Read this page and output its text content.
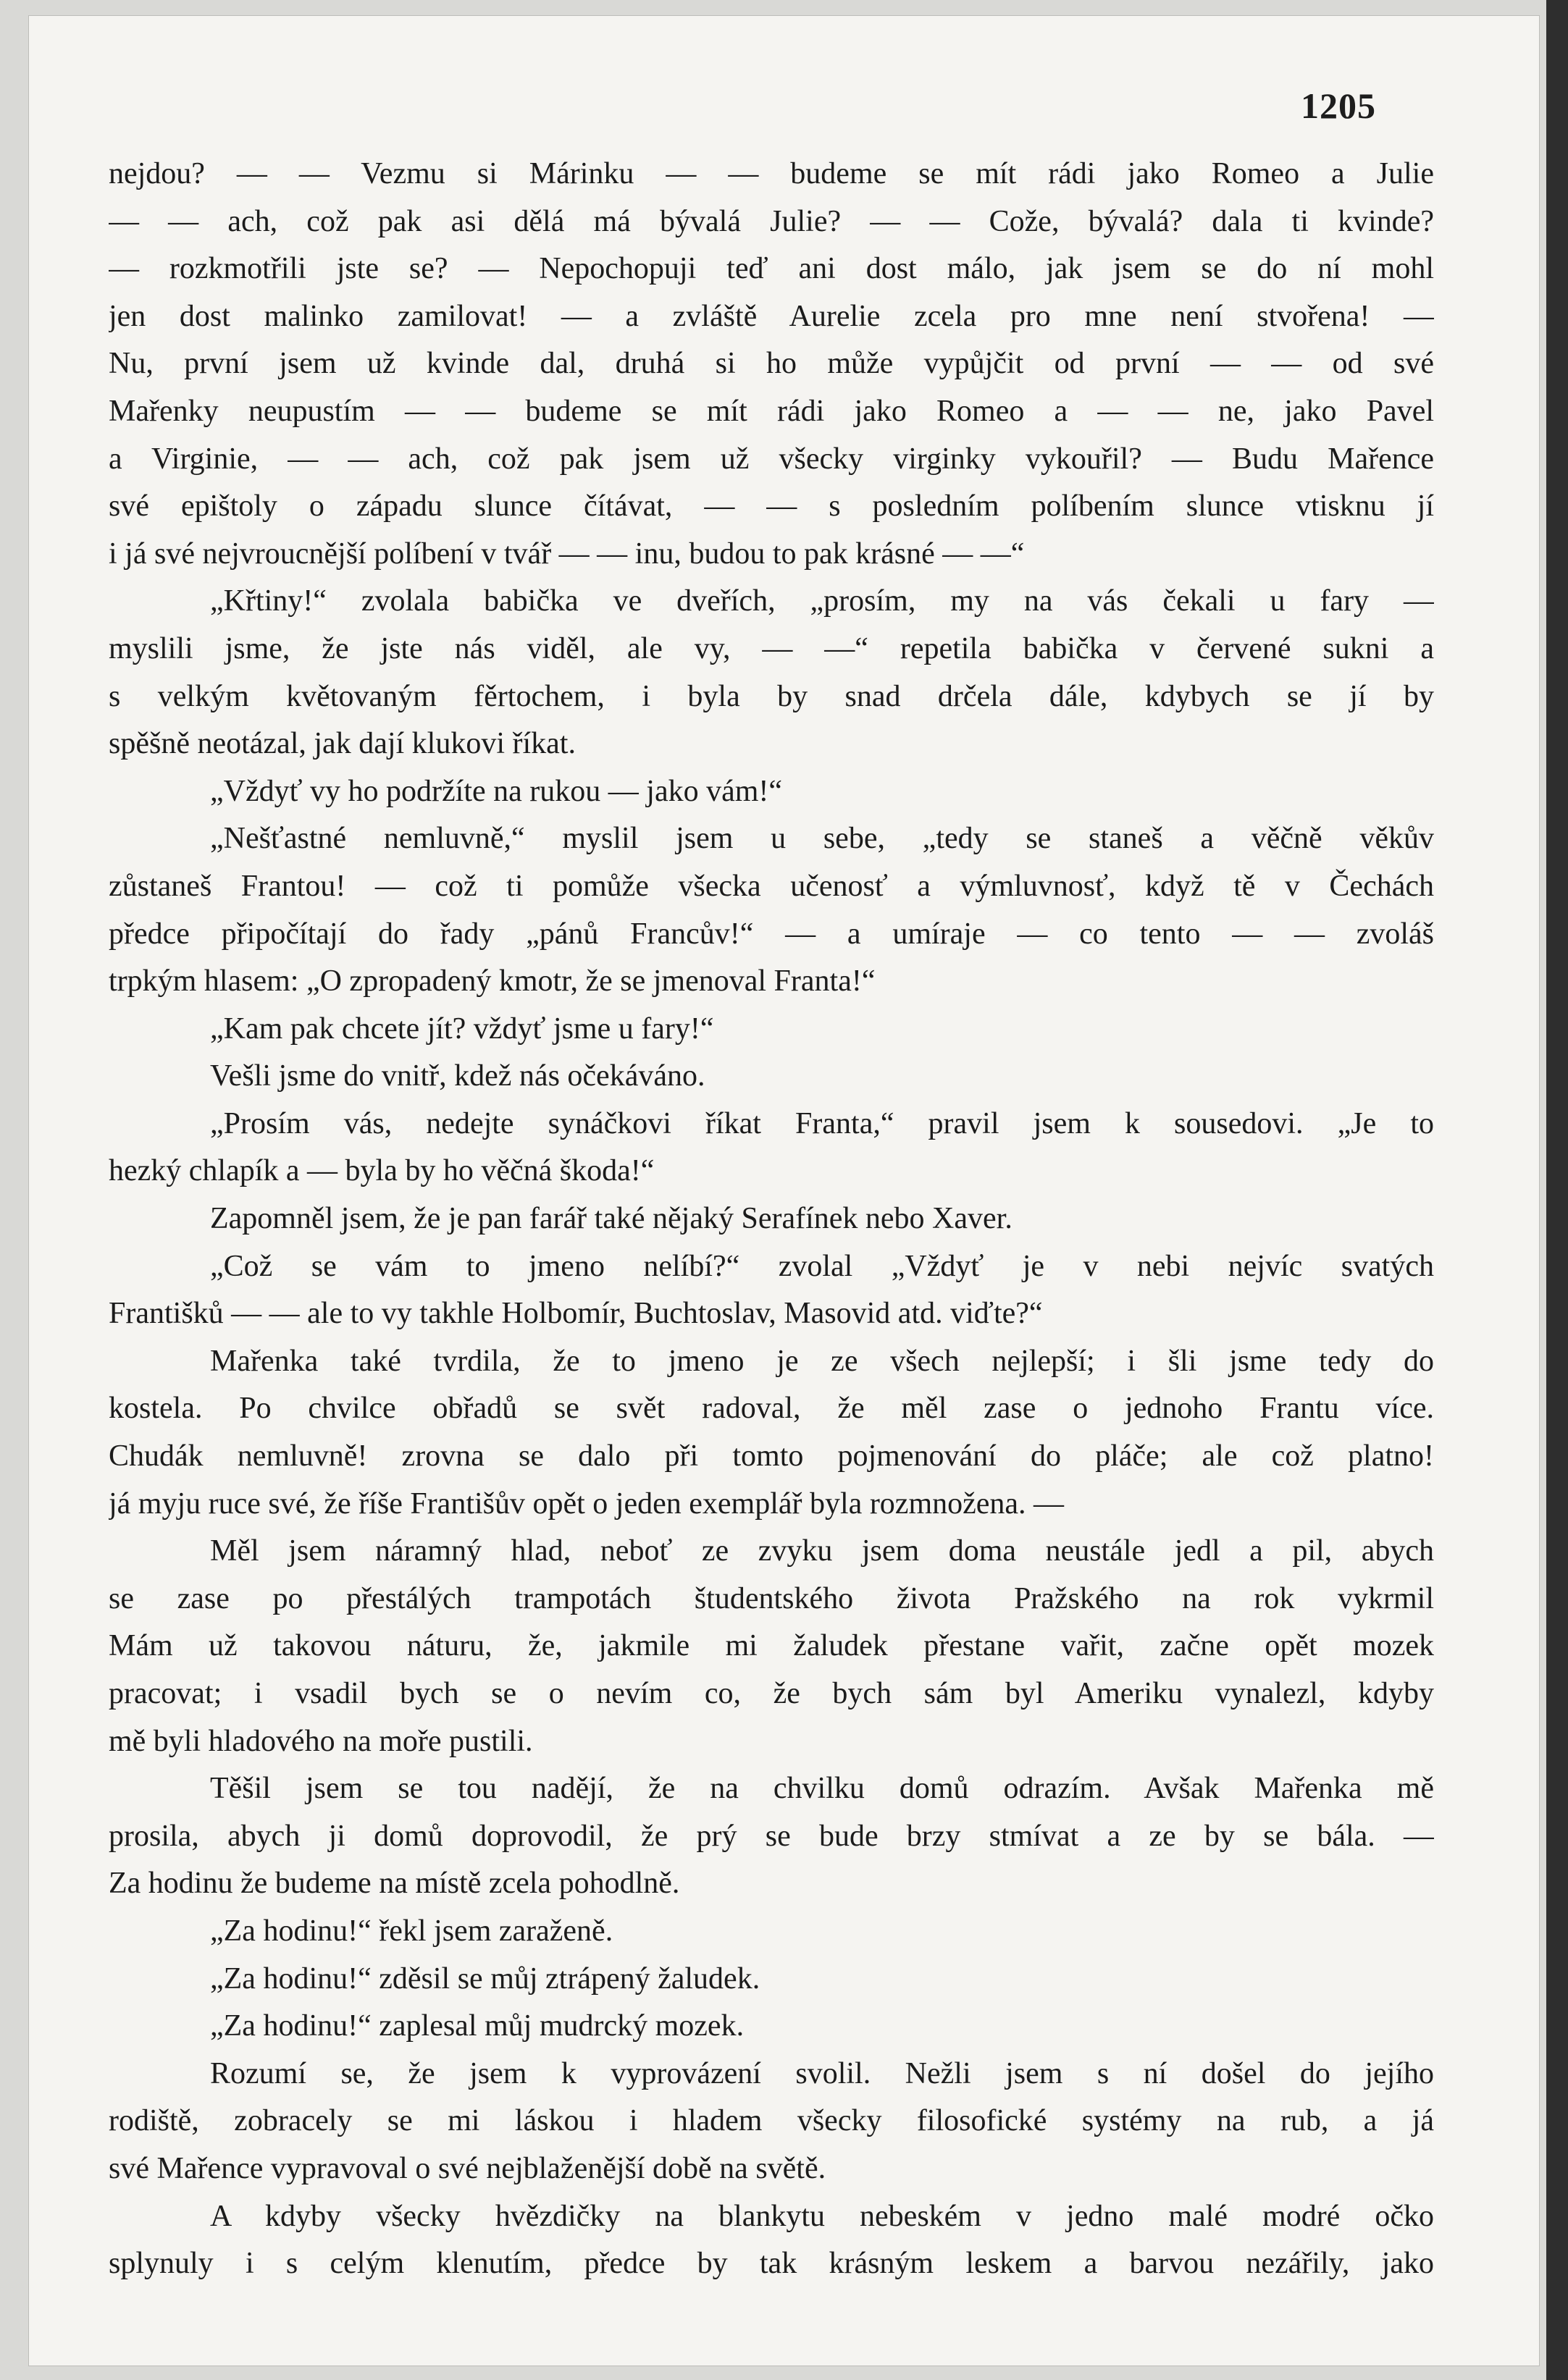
1205
nejdou? — — Vezmu si Márinku — — budeme se mít rádi jako Romeo a Julie
— — ach, což pak asi dělá má bývalá Julie? — — Cože, bývalá? dala ti kvinde?
— rozkmotřili jste se? — Nepochopuji teď ani dost málo, jak jsem se do ní mohl
jen dost malinko zamilovat! — a zvláště Aurelie zcela pro mne není stvořena! —
Nu, první jsem už kvinde dal, druhá si ho může vypůjčit od první — — od své
Mařenky neupustím — — budeme se mít rádi jako Romeo a — — ne, jako Pavel
a Virginie, — — ach, což pak jsem už všecky virginky vykouřil? — Budu Mařence
své epištoly o západu slunce čítávat, — — s posledním políbením slunce vtisknu jí
i já své nejvroucnější políbení v tvář — — inu, budou to pak krásné — —“
„Křtiny!“ zvolala babička ve dveřích, „prosím, my na vás čekali u fary —
myslili jsme, že jste nás viděl, ale vy, — —“ repetila babička v červené sukni a
s velkým květovaným fěrtochem, i byla by snad drčela dále, kdybych se jí by
spěšně neotázal, jak dají klukovi říkat.
„Vždyť vy ho podržíte na rukou — jako vám!“
„Nešťastné nemluvně,“ myslil jsem u sebe, „tedy se staneš a věčně věkův
zůstaneš Frantou! — což ti pomůže všecka učenosť a výmluvnosť, když tě v Čechách
předce připočítají do řady „pánů Francův!“ — a umíraje — co tento — — zvoláš
trpkým hlasem: „O zpropadený kmotr, že se jmenoval Franta!“
„Kam pak chcete jít? vždyť jsme u fary!“
Vešli jsme do vnitř, kdež nás očekáváno.
„Prosím vás, nedejte synáčkovi říkat Franta,“ pravil jsem k sousedovi. „Je to
hezký chlapík a — byla by ho věčná škoda!“
Zapomněl jsem, že je pan farář také nějaký Serafínek nebo Xaver.
„Což se vám to jmeno nelíbí?“ zvolal „Vždyť je v nebi nejvíc svatých
Františků — — ale to vy takhle Holbomír, Buchtoslav, Masovid atd. viďte?“
Mařenka také tvrdila, že to jmeno je ze všech nejlepší; i šli jsme tedy do
kostela. Po chvilce obřadů se svět radoval, že měl zase o jednoho Frantu více.
Chudák nemluvně! zrovna se dalo při tomto pojmenování do pláče; ale což platno!
já myju ruce své, že říše Františův opět o jeden exemplář byla rozmnožena. —
Měl jsem náramný hlad, neboť ze zvyku jsem doma neustále jedl a pil, abych
se zase po přestálých trampotách študentského života Pražského na rok vykrmil
Mám už takovou náturu, že, jakmile mi žaludek přestane vařit, začne opět mozek
pracovat; i vsadil bych se o nevím co, že bych sám byl Ameriku vynalezl, kdyby
mě byli hladového na moře pustili.
Těšil jsem se tou nadějí, že na chvilku domů odrazím. Avšak Mařenka mě
prosila, abych ji domů doprovodil, že prý se bude brzy stmívat a ze by se bála. —
Za hodinu že budeme na místě zcela pohodlně.
„Za hodinu!“ řekl jsem zaraženě.
„Za hodinu!“ zděsil se můj ztrápený žaludek.
„Za hodinu!“ zaplesal můj mudrcký mozek.
Rozumí se, že jsem k vyprovázení svolil. Nežli jsem s ní došel do jejího
rodiště, zobracely se mi láskou i hladem všecky filosofické systémy na rub, a já
své Mařence vypravoval o své nejblaženější době na světě.
A kdyby všecky hvězdičky na blankytu nebeském v jedno malé modré očko
splynuly i s celým klenutím, předce by tak krásným leskem a barvou nezářily, jako
